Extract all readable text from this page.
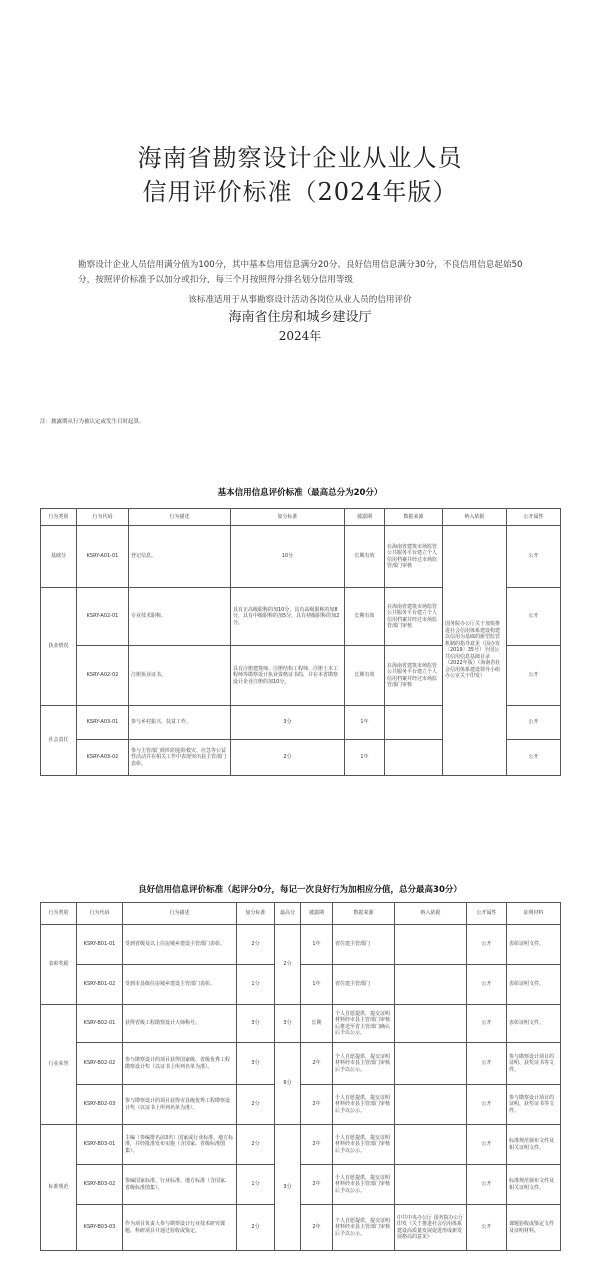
海南省勘察设计企业从业人员
信用评价标准（2024年版）
勘察设计企业人员信用满分值为100分，其中基本信用信息满分20分、良好信用信息满分30分，不良信用信息起始50分，按照评价标准予以加分或扣分，每三个月按照得分排名划分信用等级
该标准适用于从事勘察设计活动各岗位从业人员的信用评价
海南省住房和城乡建设厅
2024年
基本信用信息评价标准（最高总分为20分）
行为类别	行为代码	行为描述	加分标准	披露期	数据来源	纳入依据	公开属性
基础分	KSRY-A01-01	登记信息。	10分	长期有效	在海南省建筑市场监管公共服务平台建立个人信用档案并经过市场监管部门审核	国务院办公厅关于加快推进社会信用体系建设构建以信用为基础的新型监管机制的指导意见（国办发〔2019〕35号）全国公共信用信息基础目录（2022年版）（海南省社会信用体系建设领导小组办公室关于印发）	公开
执业情况	KSRY-A02-01	专业技术职称。	具有正高级职称的加10分，具有高级职称的加8分，具有中级职称的加5分，具有初级职称的加2分。	长期有效	在海南省建筑市场监管公共服务平台建立个人信用档案并经过市场监管部门审核		公开
	KSRY-A02-02	注册执业证书。	具有注册建筑师、注册结构工程师、注册土木工程师等勘察设计执业资格证书的，并在本省勘察设计企业注册的加10分。	长期有效	在海南省建筑市场监管公共服务平台建立个人信用档案并经过市场监管部门审核		公开
社会责任	KSRY-A03-01	参与乡村振兴、扶贫工作。	3分	1年			公开
	KSRY-A03-02	参与主管部门组织的抢险救灾、应急等公益性活动并在相关工作中表现突出获主管部门表彰。	2分	1年			公开
注：披露期从行为被认定或发生日时起算。
良好信用信息评价标准（起评分0分，每记一次良好行为加相应分值，总分最高30分）
行为类别	行为代码	行为描述	加分标准	最高分	披露期	数据来源	纳入依据	公开属性	证明材料
表彰奖励	KSRY-B01-01	受到省级及以上住房城乡建设主管部门表彰。	2分	2分	1年	省住建主管部门		公开	表彰证明文件。
	KSRY-B01-02	受到市县级住房城乡建设主管部门表彰。	1分		1年	省住建主管部门		公开	表彰证明文件。
行业荣誉	KSRY-B02-01	获得省级工程勘察设计大师称号。	3分	3分	长期	个人自愿提供，提交证明材料经市县主管部门审核后推送至省主管部门确认后予以公示。		公开	表彰证明文件。
	KSRY-B02-02	参与勘察设计的项目获得国家级、省级优秀工程勘察设计奖（以证书上所列名单为准）。	3分	6分	2年	个人自愿提供，提交证明材料经市县主管部门审核后予以公示。		公开	参与勘察设计项目的证明、获奖证书等文件。
	KSRY-B02-03	参与勘察设计的项目获得市县级优秀工程勘察设计奖（以证书上所列名单为准）。	2分		2年	个人自愿提供，提交证明材料经市县主管部门审核后予以公示。		公开	参与勘察设计项目的证明、获奖证书等文件。
标准规范	KSRY-B03-01	主编（参编排名前3名）国家或行业标准、地方标准，并经批准发布实施（含国家、省级标准图集）。	2分	3分	2年	个人自愿提供，提交证明材料经市县主管部门审核后予以公示。		公开	标准规范颁布文件及相关证明文件。
	KSRY-B03-02	参编国家标准、行业标准、地方标准（含国家、省级标准图集）。	1分		2年	个人自愿提供，提交证明材料经市县主管部门审核后予以公示。		公开	标准规范颁布文件及相关证明文件。
	KSRY-B03-03	作为项目负责人参与勘察设计行业技术研究课题、科研项目并通过验收或鉴定。	2分		2年	个人自愿提供，提交证明材料经市县主管部门审核后予以公示。	中共中央办公厅 国务院办公厅印发《关于推进社会信用体系建设高质量发展促进形成新发展格局的意见》	公开	课题验收或鉴定文件及证明材料。
